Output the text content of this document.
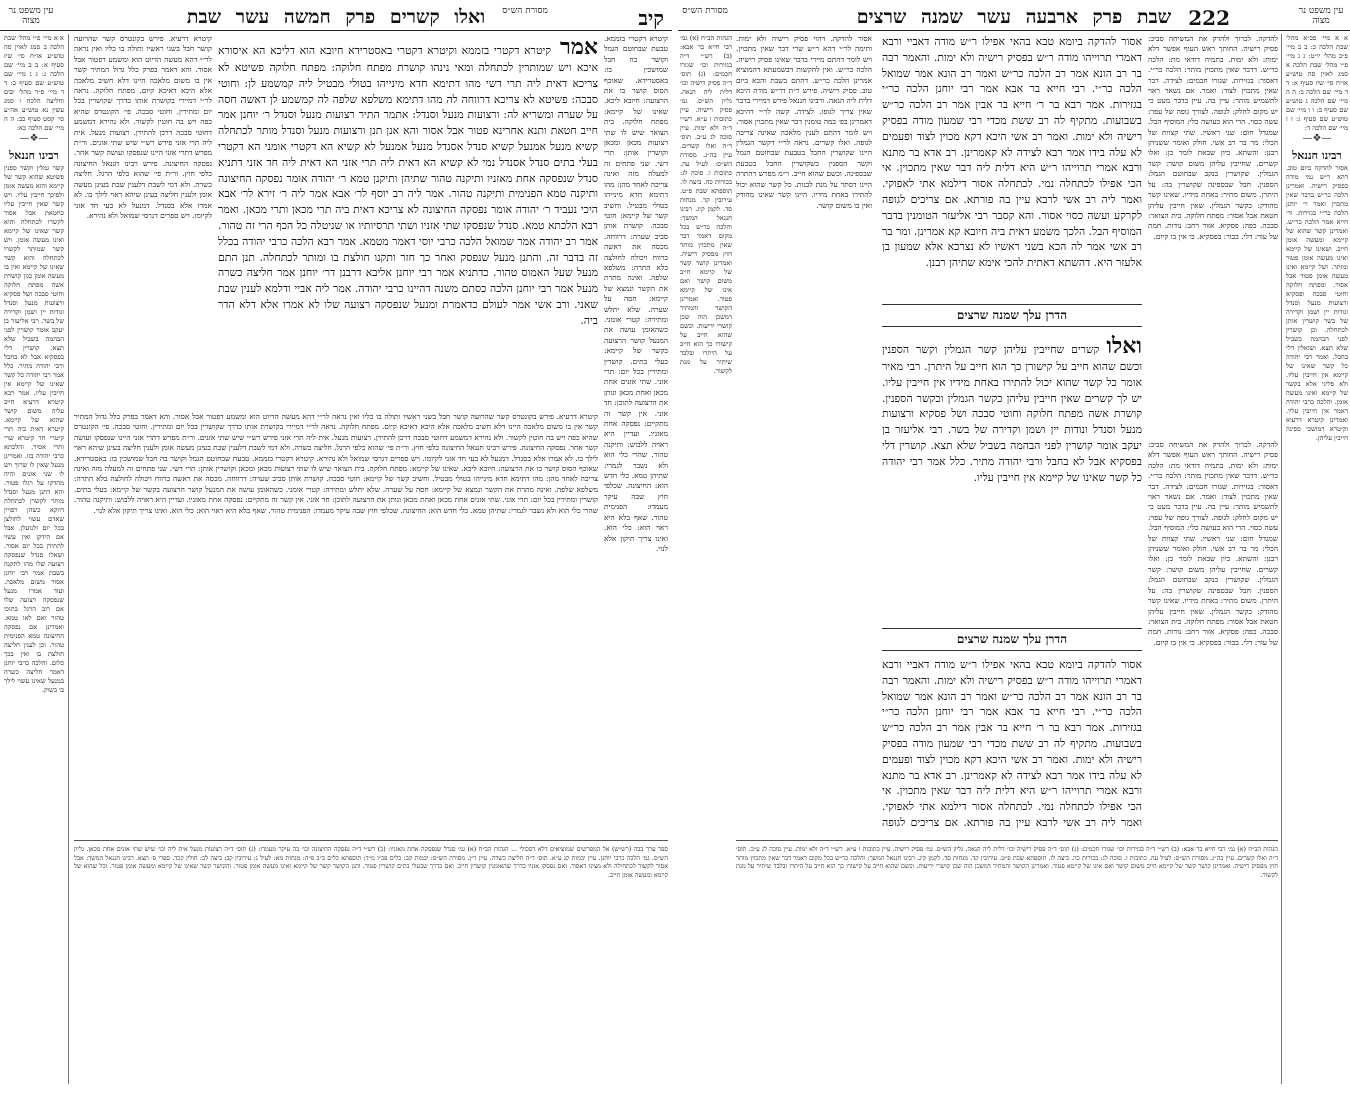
קיב
ואלו קשרים פרק חמשה עשר שבת	מסורת הש״ס
עין משפט נר מצוה
א א מיי׳ פ״י מהל׳ שבת הלכה ב סמג לאוין סה טוש״ע או״ח סי׳ שיז סעיף א: ב ב מיי׳ שם הלכה ג: ג ג מיי׳ שם טוש״ע שם סעיף ב: ד ד מיי׳ פ״ד מהל׳ יבום וחליצה הלכה ו סמג עשין נא טוש״ע אה״ע סי׳ קסט סעיף כב: ה ה מיי׳ שם הלכה כא:
—❖—
רבינו חננאל
קשר גמלין וקשר ספנין פשיטא שהוא קשר של קיימא והוא מעשה אומן ולפיכך חייבין עליו. ויש קשר שאין חייבין עליו כחטאת אבל אסור לקשרו לכתחלה והוא קשר שאינו של קיימא ואינו מעשה אומן. ויש קשר שמותר לקשרו לכתחלה והוא קשר שאינו של קיימא ואין בו מעשה אומן כגון קושרת אשה מפתח חלוקה וחוטי סבכה ושל פסקיא ורצועות מנעל וסנדל ונודות יין ושמן וקדירה של בשר. רבי אליעזר בן יעקב אומר קושרין לפני הבהמה בשביל שלא תצא. קושרין דלי בפסקיא אבל לא בחבל ורבי יהודה מתיר. כלל אמר רבי יהודה כל קשר שאינו של קיימא אין חייבין עליו. אמר רבא קיטרא דרעיא חייב עליה משום קושר שהוא של קיימא. קיטרא דאית ביה תרי קיטרי חד קיטרא שרי ותרי אסיר. והלכתא כרבי יהודה בזו. ואמרינן מנעל שאין לו שרוך ויש לו שני אזנים והיה מהדקו על רגלו פטור. והא דתנן מנעל וסנדל מותר לקשרן לכתחלה דווקא כשהן רפויין שאדם עשוי לחולצן בכל יום ולנועלן. אבל אם הידקן ואין עשוי להתירן בכל יום אסור. ושאלו סנדל שנפסקה רצועה שלו מהו לתקנה בשבת אמר רבי יוחנן אסור משום מלאכה. ועוד אמרו מנעל שנפסקה רצועה שלו אם רוב הרגל בתוכו טהור ואם לאו טמא. ואמרינן אם נפסקה החיצונה טמא הפנימית טהור. וכן לענין חליצה חולצת בו ואין בכך כלום. והלכה כרבי יוחנן דאמר חליצה כשרה במנעל שאינו עשוי לילך בו בשוק.
קיטרא דרעיא. פירש בקונטרס קשר שהרועה קושר חבל בשני ראשיו ותולה בו כליו ואין נראה לר״י דהא מעשה הדיוט הוא ומשמע דפטור אבל אסור. והא דאמר בפרק כלל גדול המתיר קשר אין בו משום מלאכה היינו דלא חשיב מלאכה אלא היכא דאיכא קיום. מפתח חלוקה. נראה לר״י דמיירי בקושרת אותו כדרך שקושרין בכל יום ומתירין. וחוטי סבכה. פי׳ הקונטרס שהיא כפה ויש בה חוטין לקשור. ולא נהירא דמשמע דחוטי סבכה דרכן להתירן. רצועות מנעל. אית ליה תרי אזני פירש רש״י שיש שתי אזנים. ור״ת מפרש דתרי אזני היינו שנפסקו ועושה קשר אחר. נפסקה החיצונה. פירש רבינו חננאל החיצונה כלפי חוץ. ור״ת פי׳ שהוא כלפי הרגל. חליצה כשרה. ולא דמי לשבת דלענין שבת בעינן מעשה אומן ולענין חליצה בעינן שיהא ראוי לילך בו. לא אמרו אלא בסנדל. דמנעל לא בעי חד אזני לקיומו. ויש ספרים דגרסי שמואל ולא נהירא.
אמר קיטרא דקטרי בזממא וקיטרא דקטרי באסטרידא חיובא הוא דליכא הא איסורא איכא ויש שמותרין לכתחלה ומאי נינהו קושרת מפתח חלוקה: מפתח חלוקה פשיטא לא צריכא דאית ליה תרי דשי מהו דתימא חדא מינייהו בטולי מבטיל ליה קמשמע לן: וחוטי סבכה: פשיטא לא צריכא דרווחה לה מהו דתימא משלפא שלפה לה קמשמע לן דאשה חסה על שערה ומשריא לה: ורצועות מנעל וסנדל: אתמר התיר רצועות מנעל וסנדל ר׳ יוחנן אמר חייב חטאת ותנא אחרינא פטור אבל אסור והא אנן תנן ורצועות מנעל וסנדל מותר לכתחלה קשיא מנעל אמנעל קשיא סנדל אסנדל מנעל אמנעל לא קשיא הא דקטרי אומני הא דקטרי בעלי בתים סנדל אסנדל נמי לא קשיא הא דאית ליה תרי אזני הא דאית ליה חד אזני דתניא סנדל שנפסקה אחת מאזניו ותיקנה טהור שתיהן ותיקנן טמא ר׳ יהודה אומר נפסקה החיצונה ותיקנה טמא הפנימית ותיקנה טהור. אמר ליה רב יוסף לר׳ אבא אמר ליה ר׳ זירא לר׳ אבא היכי נעביד ר׳ יהודה אומר נפסקה החיצונה לא צריכא דאית ביה תרי מכאן ותרי מכאן. ואמר רבא הלכתא טמא. סנדל שנפסקו שתי אזניו ושתי תרסיותיו או שניטלה כל הכף הרי זה טהור. אמר רב יהודה אמר שמואל הלכה כרבי יוסי דאמר מטמא. אמר רבא הלכה כרבי יהודה בכלל זה בדבר זה. והתנן מנעל שנפסק ואחר כך חזר ותקנו חולצת בו ומותר לכתחלה. תנן התם מנעל שעל האמוס טהור. כדתניא אמר רבי יוחנן אליבא דרבנן דר׳ יוחנן אמר חליצה כשרה מנעל אמר רבי יוחנן הלכה כסתם משנה דהיינו כרבי יהודה. אמר ליה אביי ודלמא לענין שבת שאני. ורב אשי אמר לעולם כדאמרת ומנעל שנפסקה רצועה שלו לא אמרו אלא דלא הדר ביה.
קיטרא דקטרי בזממא. טבעת שבחוטם הגמל וקושר בה חבל שמושכין בו: באסטרידא. שאוכף הסוס קושר בו את הרצועה: חיובא ליכא. שאינו של קיימא: מפתח חלוקה. בית הצואר שיש לו שתי רצועות מכאן ומכאן וקושרין אותן: תרי דשי. שני פתחים זה למעלה מזה ואינה צריכה לאחד מהן: מהו דתימא חדא מינייהו בטולי מבטיל. וחשיב קשר של קיימא: חוטי סבכה. קושרת אותן סביב שערה: דרווחה. מכסה את ראשה ברווח ויכולה לחולצה בלא התרה: משלפא שלפה. ואינה מתרת את הקשר ונמצא של קיימא: חסה על שערה. שלא יתלש ומתירה: קטרי אומני. כשהאומן עושה את המנעל קושר הרצועה בקשר של קיימא: בעלי בתים. קושרין ומתירין בכל יום: תרי אזני. שתי אזנים אחת מכאן ואחת מכאן ונותן את הרצועה לתוכן: חד אזני. אין קשר זה מתקיים: נפסקה אחת מאזניו. ועדיין היא ראויה ללבוש: ותיקנה טהור. שהרי כלי הוא ולא נשבר לגמרי: שתיהן טמא. כלי חדש הוא: החיצונה. שכלפי חוץ שבה עיקר מעמדו: הפנימית טהור. שאף בלא היא ראוי הוא: כלי הוא. ואינו צריך תיקון אלא לנוי.
קיטרא דרעיא. פירש בקונטרס קשר שהרועה קושר חבל בשני ראשיו ותולה בו כליו ואין נראה לר״י דהא מעשה הדיוט הוא ומשמע דפטור אבל אסור. והא דאמר בפרק כלל גדול המתיר קשר אין בו משום מלאכה היינו דלא חשיב מלאכה אלא היכא דאיכא קיום. מפתח חלוקה. נראה לר״י דמיירי בקושרת אותו כדרך שקושרין בכל יום ומתירין. וחוטי סבכה. פי׳ הקונטרס שהיא כפה ויש בה חוטין לקשור. ולא נהירא דמשמע דחוטי סבכה דרכן להתירן. רצועות מנעל. אית ליה תרי אזני פירש רש״י שיש שתי אזנים. ור״ת מפרש דתרי אזני היינו שנפסקו ועושה קשר אחר. נפסקה החיצונה. פירש רבינו חננאל החיצונה כלפי חוץ. ור״ת פי׳ שהוא כלפי הרגל. חליצה כשרה. ולא דמי לשבת דלענין שבת בעינן מעשה אומן ולענין חליצה בעינן שיהא ראוי לילך בו. לא אמרו אלא בסנדל. דמנעל לא בעי חד אזני לקיומו. ויש ספרים דגרסי שמואל ולא נהירא. קיטרא דקטרי בזממא. טבעת שבחוטם הגמל וקושר בה חבל שמושכין בו: באסטרידא. שאוכף הסוס קושר בו את הרצועה: חיובא ליכא. שאינו של קיימא: מפתח חלוקה. בית הצואר שיש לו שתי רצועות מכאן ומכאן וקושרין אותן: תרי דשי. שני פתחים זה למעלה מזה ואינה צריכה לאחד מהן: מהו דתימא חדא מינייהו בטולי מבטיל. וחשיב קשר של קיימא: חוטי סבכה. קושרת אותן סביב שערה: דרווחה. מכסה את ראשה ברווח ויכולה לחולצה בלא התרה: משלפא שלפה. ואינה מתרת את הקשר ונמצא של קיימא: חסה על שערה. שלא יתלש ומתירה: קטרי אומני. כשהאומן עושה את המנעל קושר הרצועה בקשר של קיימא: בעלי בתים. קושרין ומתירין בכל יום: תרי אזני. שתי אזנים אחת מכאן ואחת מכאן ונותן את הרצועה לתוכן: חד אזני. אין קשר זה מתקיים: נפסקה אחת מאזניו. ועדיין היא ראויה ללבוש: ותיקנה טהור. שהרי כלי הוא ולא נשבר לגמרי: שתיהן טמא. כלי חדש הוא: החיצונה. שכלפי חוץ שבה עיקר מעמדו: הפנימית טהור. שאף בלא היא ראוי הוא: כלי הוא. ואינו צריך תיקון אלא לנוי.
ספר ערך בבה (רש״ש) אל המפרשים שמוציאים דלא דסכולי ... הגהות הב״ח (א) גמ׳ סנדל שנפסקה אחת מאזניו: (ב) רש״י ד״ה נפסקה החיצונה וכו׳ בה עיקר מעמדו: (ג) תוס׳ ד״ה רצועות מנעל אית ליה וכו׳ שיש שתי אזנים אחת מכאן. גליון הש״ס. גמ׳ הלכה כרבי יוחנן. עיין יבמות קג ע״א. תוס׳ ד״ה חליצה כשרה. עיין ר״ן. מסורת הש״ס: יבמות קב: כלים פכ״ו מ״ד: תוספתא כלים ב״ב פ״ה: מנחות מא: לעיל נ: עירובין קב: ביצה לב: חולין קכד. ספרי פ׳ תצא. רבינו חננאל המשך: אבל אסור לקשור לכתחילה ולא מצינו דאסור. ואם נפסקו אזניו כדרך שהאומנין קושרין חייב. ואם כדרך שבעלי בתים קושרין פטור. ותנן הקושר קשר של קיימא ואינו מעשה אומן פטור. והקושר קשר שאינו של קיימא ומעשה אומן פטור. וכל שהוא של קיימא ומעשה אומן חייב.
222
שבת פרק ארבעה עשר שמנה שרצים
מסורת הש״ס	עין משפט נר מצוה
א א מיי׳ פכ״א מהל׳ שבת הלכה כ: ב ב מיי׳ פ״ב מהל׳ יו״ט: ג ג מיי׳ פ״י מהל׳ שבת הלכה א סמג לאוין סה טוש״ע או״ח סי׳ שיז סעיף א: ד ד מיי׳ שם הלכה ב: ה ה מיי׳ שם הלכה ג טוש״ע שם סעיף ב: ו ו מיי׳ שם טוש״ע שם סעיף ג: ז ז מיי׳ שם הלכה ד:
—❖—
רבינו חננאל
אסור להדקה ביום טוב. דהא ר״ש נמי מודה בפסיק רישיה. ואמרינן הלכה כר״ש בדבר שאין מתכוין ואמר ר׳ יוחנן הלכה כר״י בגזירות. ור׳ חייא אמר הלכה כר״ש. ואמרינן קשר שהוא של קיימא ומעשה אומן חייב. ושאינו של קיימא ואינו מעשה אומן פטור ומותר. ושל קיימא ואינו מעשה אומן פטור אבל אסור. ומפתח חלוקה וחוטי סבכה ופסקיא ורצועות מנעל וסנדל ונודות יין ושמן וקדירה של בשר קושרין אותן לכתחלה. וכן קושרין לפני הבהמה בשביל שלא תצא. ושואלין דלי בחבל. ואמר רבי יהודה כל קשר שאינו של קיימא אין חייבין עליו. ולא פליגי אלא בקשר של קיימא ואינו מעשה אומן. והלכה כרבי יהודה דאמר אין חייבין עליו. ואמרינן קיטרא דרעיא וקיטרא דמושכי ספינה חייבין עליהן.
להדקה. לכרוך ולהדק את המשיחה סביב: פסיק רישיה. החותך ראש העוף אפשר דלא ימות: ולא ימות. בתמיה דודאי מת: הלכה כר״ש. דדבר שאין מתכוין מותר: הלכה כר״י. דאסור: בגזירות. שגזרו חכמים: לצידה. דבר שאין מתכוין לצוד: ואמר. אם נשאר ראוי לתשמיש מותר: עיין בה. עיין בדבר מעט כי יש מקום לחלק: לגופה. לצורך גופה של עפר: עשה כסוי. הרי הוא כעושה כלי: המוסיף הבל. שמגדל חום: שני ראשיו. שתי קצוות של הכלי: מר בר רב אשי. חולק ואומר ששניהן רבנן: והשתא. כיון שבאת לומר כן: ואלו קשרים. שחייבין עליהן משום קושר: קשר הגמלין. שקושרין בנקב שבחוטם הגמל: הספנין. חבל שבספינה שקושרין בה: על היתרן. משום מתיר: באחת מידיו. שאינו קשר מהודק: כקשר הגמלין. שאין חייבין עליהן חטאת אבל אסור: מפתח חלוקה. בית הצואר: סבכה. כפה: פסקיא. אזור רחב: נודות. חמת של עור: דלי. בבור: בפסקיא. כי אין בו קיום.
אסור להדקה ביומא טבא בהאי אפילו ר״ש מודה דאביי ורבא דאמרי תרוייהו מודה ר״ש בפסיק רישיה ולא ימות. והאמר רבה בר רב הונא אמר רב הלכה כר״ש ואמר רב הונא אמר שמואל הלכה כר״י. רבי חייא בר אבא אמר רבי יוחנן הלכה כר״י בגזירות. אמר רבא בר ר׳ חייא בר אבין אמר רב הלכה כר״ש בשבועות. מתקיף לה רב ששת מכדי רבי שמעון מודה בפסיק רישיה ולא ימות. ואמר רב אשי היכא דקא מכוין לצוד ופעמים לא עלה בידו אמר רבא לצידה לא קאמרינן. רב אדא בר מתנא ורבא אמרי תרוייהו ר״ש היא דלית ליה דבר שאין מתכוין. אי הכי אפילו לכתחלה נמי. לכתחלה אסור דילמא אתי לאפוקי. ואמר ליה רב אשי לרבא עיין בה פורתא. אם צריכים לגופה לקרקע ועשה כסוי אסור. והא קסבר רבי אליעזר הטומנין בדבר המוסיף הבל. הלכך משמע דאית ביה חיובא קא אמרינן. ומר בר רב אשי אמר לה הכא בשני ראשיו לא נצרכא אלא שמעון בן אלעזר היא. דהשתא דאתית להכי אימא שתיהן רבנן.
אסור להדקה. דהוי פסיק רישיה ולא ימות. ותימה לר״י דהא ר״ש שרי דבר שאין מתכוין. ויש לומר דהתם מיירי בדבר שאינו פסיק רישיה. הלכה כר״ש. ואין להקשות דבשמעתא דהמוציא אמרינן הלכה כר״ש. דהתם בשבת והכא ביום טוב. פסיק רישיה. פירש ר״ת דר״ש מודה היכא דלית ליה הנאה. ורבינו חננאל פירש דמיירי בדבר שאין צריך לגופו. לצידה. קשה לר״י דהיכא דאמרינן בפ׳ במה טומנין דבר שאין מתכוין אסור. ויש לומר דהתם לענין מלאכה שאינה צריכה לגופה. ואלו קשרים. נראה לר״י דקשר הגמלין היינו שקושרין החבל בטבעת שבחוטם הגמל וקשר הספנין כשקושרין החבל בטבעת שבספינה. וכשם שהוא חייב. ר״מ מפרש דהתרה היינו דסתר על מנת לבנות. כל קשר שהוא יכול להתירו באחת מידיו. היינו קשר שאינו מהודק ואין בו משום קושר.
הגהות הב״ח (א) גמ׳ רבי חייא בר אבא: (ב) רש״י ד״ה בגזירות וכו׳ שגזרו חכמים: (ג) תוס׳ ד״ה פסיק רישיה וכו׳ דלית ליה הנאה. גליון הש״ס. גמ׳ פסיק רישיה. עיין כתובות ו ע״א. רש״י ד״ה ולא ימות. עיין סוכה לג ע״ב. תוס׳ ד״ה ואלו קשרים. עיין בה״ג. מסורת הש״ס: לעיל עה. כתובות ו. סוכה לג: בכורות כה. ביצה לו. תוספתא שבת פ״ט. עירובין קד. מנחות סד. לקמן קיג. רבינו חננאל המשך: והלכה כר״ש בכל מקום דאמר דבר שאין מתכוין מותר חוץ מפסיק רישיה. ואמרינן קושר קשר של קיימא חייב משום קושר ואם אינו של קיימא פטור. ואמרינן הקושר והמתיר דמשכן הוה שכן קושרי יריעות. וכשם שהוא חייב על קישורו כך הוא חייב על היתרו ובלבד שיתיר על מנת לקשור.
הדרן עלך שמנה שרצים
ואלו קשרים שחייבין עליהן קשר הגמלין וקשר הספנין וכשם שהוא חייב על קישורן כך הוא חייב על היתרן. רבי מאיר אומר כל קשר שהוא יכול להתירו באחת מידיו אין חייבין עליו. יש לך קשרים שאין חייבין עליהן כקשר הגמלין וכקשר הספנין. קושרת אשה מפתח חלוקה וחוטי סבכה ושל פסקיא ורצועות מנעל וסנדל ונודות יין ושמן וקדירה של בשר. רבי אליעזר בן יעקב אומר קושרין לפני הבהמה בשביל שלא תצא. קושרין דלי בפסקיא אבל לא בחבל ורבי יהודה מתיר. כלל אמר רבי יהודה כל קשר שאינו של קיימא אין חייבין עליו.
הדרן עלך שמנה שרצים
אסור להדקה ביומא טבא בהאי אפילו ר״ש מודה דאביי ורבא דאמרי תרוייהו מודה ר״ש בפסיק רישיה ולא ימות. והאמר רבה בר רב הונא אמר רב הלכה כר״ש ואמר רב הונא אמר שמואל הלכה כר״י. רבי חייא בר אבא אמר רבי יוחנן הלכה כר״י בגזירות. אמר רבא בר ר׳ חייא בר אבין אמר רב הלכה כר״ש בשבועות. מתקיף לה רב ששת מכדי רבי שמעון מודה בפסיק רישיה ולא ימות. ואמר רב אשי היכא דקא מכוין לצוד ופעמים לא עלה בידו אמר רבא לצידה לא קאמרינן. רב אדא בר מתנא ורבא אמרי תרוייהו ר״ש היא דלית ליה דבר שאין מתכוין. אי הכי אפילו לכתחלה נמי. לכתחלה אסור דילמא אתי לאפוקי. ואמר ליה רב אשי לרבא עיין בה פורתא. אם צריכים לגופה
להדקה. לכרוך ולהדק את המשיחה סביב: פסיק רישיה. החותך ראש העוף אפשר דלא ימות: ולא ימות. בתמיה דודאי מת: הלכה כר״ש. דדבר שאין מתכוין מותר: הלכה כר״י. דאסור: בגזירות. שגזרו חכמים: לצידה. דבר שאין מתכוין לצוד: ואמר. אם נשאר ראוי לתשמיש מותר: עיין בה. עיין בדבר מעט כי יש מקום לחלק: לגופה. לצורך גופה של עפר: עשה כסוי. הרי הוא כעושה כלי: המוסיף הבל. שמגדל חום: שני ראשיו. שתי קצוות של הכלי: מר בר רב אשי. חולק ואומר ששניהן רבנן: והשתא. כיון שבאת לומר כן: ואלו קשרים. שחייבין עליהן משום קושר: קשר הגמלין. שקושרין בנקב שבחוטם הגמל: הספנין. חבל שבספינה שקושרין בה: על היתרן. משום מתיר: באחת מידיו. שאינו קשר מהודק: כקשר הגמלין. שאין חייבין עליהן חטאת אבל אסור: מפתח חלוקה. בית הצואר: סבכה. כפה: פסקיא. אזור רחב: נודות. חמת של עור: דלי. בבור: בפסקיא. כי אין בו קיום.
הגהות הב״ח (א) גמ׳ רבי חייא בר אבא: (ב) רש״י ד״ה בגזירות וכו׳ שגזרו חכמים: (ג) תוס׳ ד״ה פסיק רישיה וכו׳ דלית ליה הנאה. גליון הש״ס. גמ׳ פסיק רישיה. עיין כתובות ו ע״א. רש״י ד״ה ולא ימות. עיין סוכה לג ע״ב. תוס׳ ד״ה ואלו קשרים. עיין בה״ג. מסורת הש״ס: לעיל עה. כתובות ו. סוכה לג: בכורות כה. ביצה לו. תוספתא שבת פ״ט. עירובין קד. מנחות סד. לקמן קיג. רבינו חננאל המשך: והלכה כר״ש בכל מקום דאמר דבר שאין מתכוין מותר חוץ מפסיק רישיה. ואמרינן קושר קשר של קיימא חייב משום קושר ואם אינו של קיימא פטור. ואמרינן הקושר והמתיר דמשכן הוה שכן קושרי יריעות. וכשם שהוא חייב על קישורו כך הוא חייב על היתרו ובלבד שיתיר על מנת לקשור.
